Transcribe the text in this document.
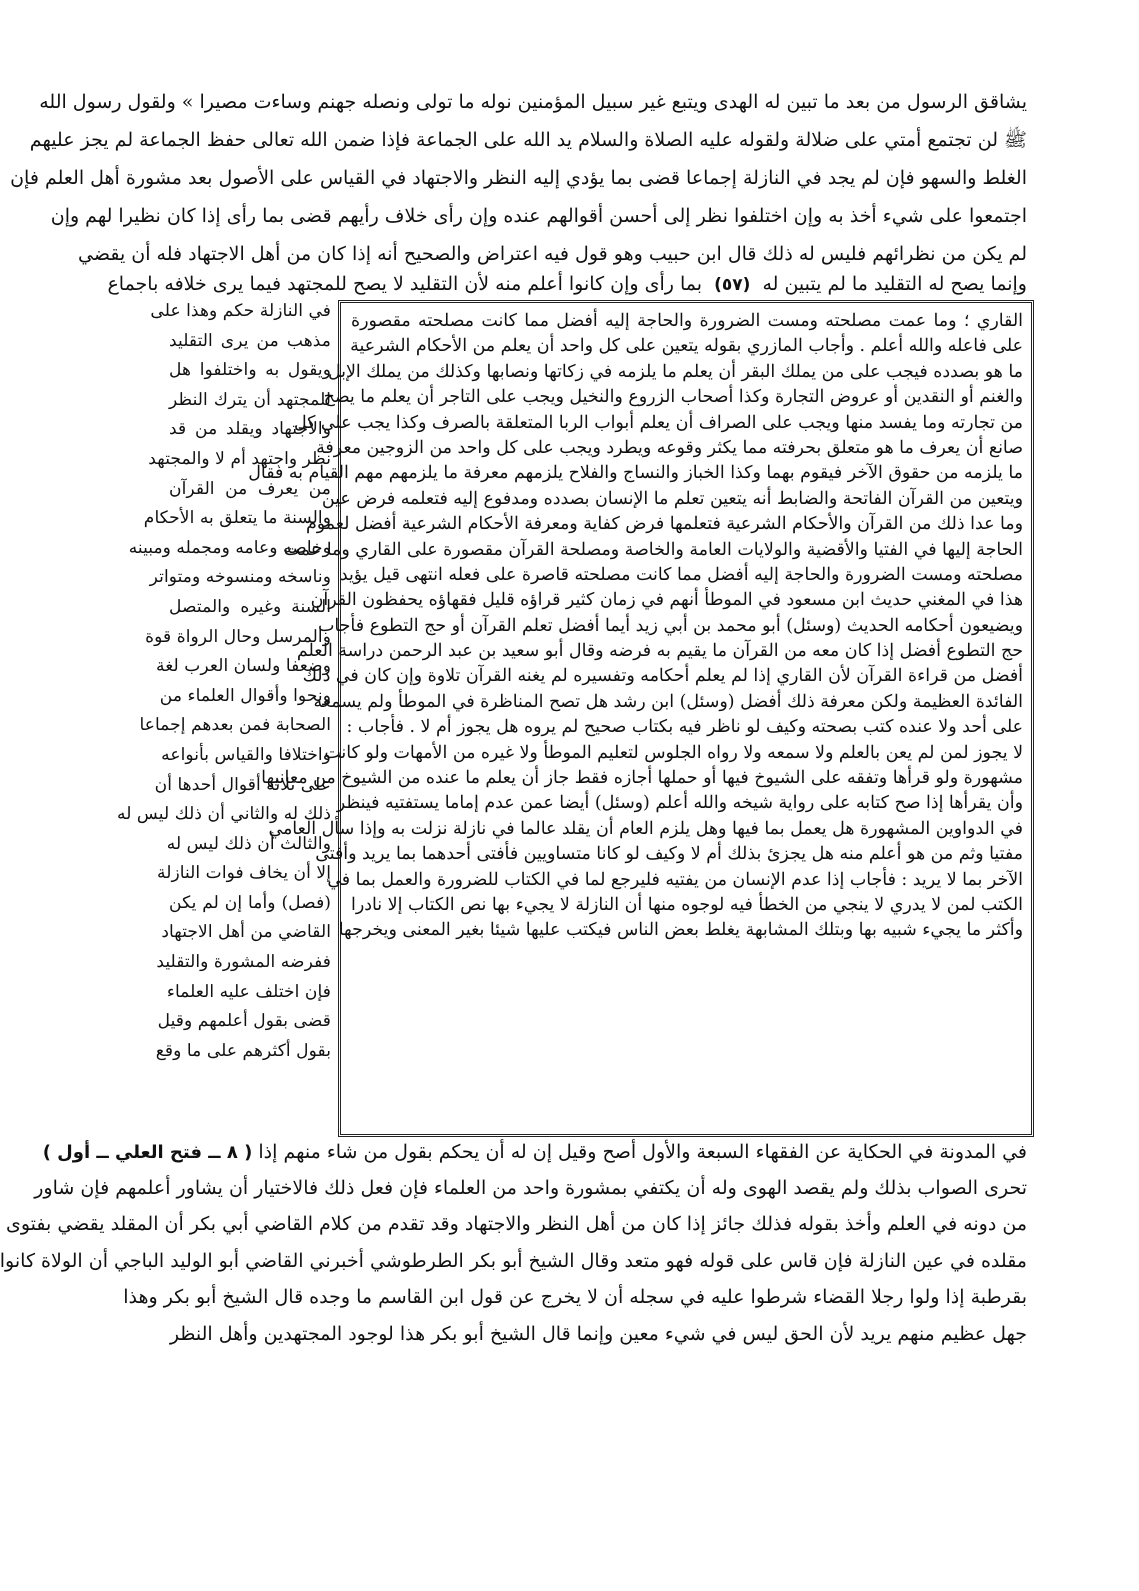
يشاقق الرسول من بعد ما تبين له الهدى ويتبع غير سبيل المؤمنين نوله ما تولى ونصله جهنم وساءت مصيرا » ولقول رسول الله
ﷺ لن تجتمع أمتي على ضلالة ولقوله عليه الصلاة والسلام يد الله على الجماعة فإذا ضمن الله تعالى حفظ الجماعة لم يجز عليهم
الغلط والسهو فإن لم يجد في النازلة إجماعا قضى بما يؤدي إليه النظر والاجتهاد في القياس على الأصول بعد مشورة أهل العلم فإن
اجتمعوا على شيء أخذ به وإن اختلفوا نظر إلى أحسن أقوالهم عنده وإن رأى خلاف رأيهم قضى بما رأى إذا كان نظيرا لهم وإن
لم يكن من نظرائهم فليس له ذلك قال ابن حبيب وهو قول فيه اعتراض والصحيح أنه إذا كان من أهل الاجتهاد فله أن يقضي
وإنما يصح له التقليد ما لم يتبين له (٥٧) بما رأى وإن كانوا أعلم منه لأن التقليد لا يصح للمجتهد فيما يرى خلافه باجماع
في النازلة حكم وهذا على
مذهب من يرى التقليد
ويقول به واختلفوا هل
للمجتهد أن يترك النظر
والاجتهاد ويقلد من قد
نظر واجتهد أم لا والمجتهد
من يعرف من القرآن
والسنة ما يتعلق به الأحكام
وخاصه وعامه ومجمله ومبينه
وناسخه ومنسوخه ومتواتر
السنة وغيره والمتصل
والمرسل وحال الرواة قوة
وضعفا ولسان العرب لغة
ونحوا وأقوال العلماء من
الصحابة فمن بعدهم إجماعا
واختلافا والقياس بأنواعه
على ثلاثة أقوال أحدها أن
ذلك له والثاني أن ذلك ليس له
والثالث أن ذلك ليس له
إلا أن يخاف فوات النازلة
(فصل) وأما إن لم يكن
القاضي من أهل الاجتهاد
ففرضه المشورة والتقليد
فإن اختلف عليه العلماء
قضى بقول أعلمهم وقيل
بقول أكثرهم على ما وقع
القاري ؛ وما عمت مصلحته ومست الضرورة والحاجة إليه أفضل مما كانت مصلحته مقصورة
على فاعله والله أعلم . وأجاب المازري بقوله يتعين على كل واحد أن يعلم من الأحكام الشرعية
ما هو بصدده فيجب على من يملك البقر أن يعلم ما يلزمه في زكاتها ونصابها وكذلك من يملك الإبل
والغنم أو النقدين أو عروض التجارة وكذا أصحاب الزروع والنخيل ويجب على التاجر أن يعلم ما يصح
من تجارته وما يفسد منها ويجب على الصراف أن يعلم أبواب الربا المتعلقة بالصرف وكذا يجب على كل
صانع أن يعرف ما هو متعلق بحرفته مما يكثر وقوعه ويطرد ويجب على كل واحد من الزوجين معرفة
ما يلزمه من حقوق الآخر فيقوم بهما وكذا الخباز والنساج والفلاح يلزمهم معرفة ما يلزمهم مهم القيام به فقال
ويتعين من القرآن الفاتحة والضابط أنه يتعين تعلم ما الإنسان بصدده ومدفوع إليه فتعلمه فرض عين
وما عدا ذلك من القرآن والأحكام الشرعية فتعلمها فرض كفاية ومعرفة الأحكام الشرعية أفضل لعموم
الحاجة إليها في الفتيا والأقضية والولايات العامة والخاصة ومصلحة القرآن مقصورة على القاري وما عمت
مصلحته ومست الضرورة والحاجة إليه أفضل مما كانت مصلحته قاصرة على فعله انتهى قيل يؤيد
هذا في المغني حديث ابن مسعود في الموطأ أنهم في زمان كثير قراؤه قليل فقهاؤه يحفظون القرآن
ويضيعون أحكامه الحديث (وسئل) أبو محمد بن أبي زيد أيما أفضل تعلم القرآن أو حج التطوع فأجاب
حج التطوع أفضل إذا كان معه من القرآن ما يقيم به فرضه وقال أبو سعيد بن عبد الرحمن دراسة العلم
أفضل من قراءة القرآن لأن القاري إذا لم يعلم أحكامه وتفسيره لم يغنه القرآن تلاوة وإن كان في ذلك
الفائدة العظيمة ولكن معرفة ذلك أفضل (وسئل) ابن رشد هل تصح المناظرة في الموطأ ولم يسمعه
على أحد ولا عنده كتب بصحته وكيف لو ناظر فيه بكتاب صحيح لم يروه هل يجوز أم لا . فأجاب :
لا يجوز لمن لم يعن بالعلم ولا سمعه ولا رواه الجلوس لتعليم الموطأ ولا غيره من الأمهات ولو كانت
مشهورة ولو قرأها وتفقه على الشيوخ فيها أو حملها أجازه فقط جاز أن يعلم ما عنده من الشيوخ من معانيها
وأن يقرأها إذا صح كتابه على رواية شيخه والله أعلم (وسئل) أيضا عمن عدم إماما يستفتيه فينظر
في الدواوين المشهورة هل يعمل بما فيها وهل يلزم العام أن يقلد عالما في نازلة نزلت به وإذا سأل العامي
مفتيا وثم من هو أعلم منه هل يجزئ بذلك أم لا وكيف لو كانا متساويين فأفتى أحدهما بما يريد وأفتى
الآخر بما لا يريد : فأجاب إذا عدم الإنسان من يفتيه فليرجع لما في الكتاب للضرورة والعمل بما في
الكتب لمن لا يدري لا ينجي من الخطأ فيه لوجوه منها أن النازلة لا يجيء بها نص الكتاب إلا نادرا
وأكثر ما يجيء شبيه بها وبتلك المشابهة يغلط بعض الناس فيكتب عليها شيئا بغير المعنى ويخرجها
في المدونة في الحكاية عن الفقهاء السبعة والأول أصح وقيل إن له أن يحكم بقول من شاء منهم إذا ( ٨ ــ فتح العلي ــ أول )
تحرى الصواب بذلك ولم يقصد الهوى وله أن يكتفي بمشورة واحد من العلماء فإن فعل ذلك فالاختيار أن يشاور أعلمهم فإن شاور
من دونه في العلم وأخذ بقوله فذلك جائز إذا كان من أهل النظر والاجتهاد وقد تقدم من كلام القاضي أبي بكر أن المقلد يقضي بفتوى
مقلده في عين النازلة فإن قاس على قوله فهو متعد وقال الشيخ أبو بكر الطرطوشي أخبرني القاضي أبو الوليد الباجي أن الولاة كانوا
بقرطبة إذا ولوا رجلا القضاء شرطوا عليه في سجله أن لا يخرج عن قول ابن القاسم ما وجده قال الشيخ أبو بكر وهذا
جهل عظيم منهم يريد لأن الحق ليس في شيء معين وإنما قال الشيخ أبو بكر هذا لوجود المجتهدين وأهل النظر
